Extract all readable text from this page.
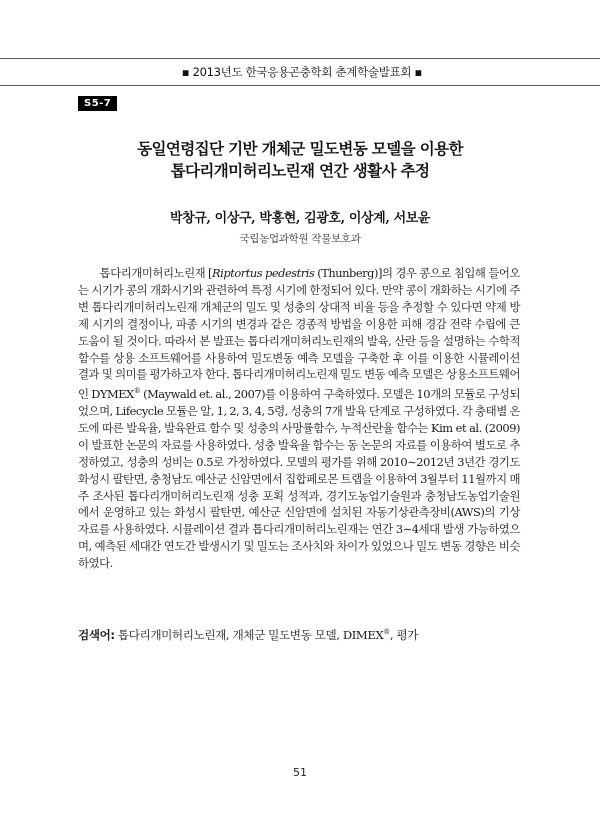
▪ 2013년도 한국응용곤충학회 춘계학술발표회 ▪
S5-7
동일연령집단 기반 개체군 밀도변동 모델을 이용한
톱다리개미허리노린재 연간 생활사 추정
박창규, 이상구, 박홍현, 김광호, 이상계, 서보윤
국립농업과학원 작물보호과

톱다리개미허리노린재 [Riptortus pedestris (Thunberg)]의 경우 콩으로 침입해 들어오는 시기가 콩의 개화시기와 관련하여 특정 시기에 한정되어 있다. 만약 콩이 개화하는 시기에 주변 톱다리개미허리노린재 개체군의 밀도 및 성충의 상대적 비율 등을 추정할 수 있다면 약제 방제 시기의 결정이나, 파종 시기의 변경과 같은 경종적 방법을 이용한 피해 경감 전략 수립에 큰 도움이 될 것이다. 따라서 본 발표는 톱다리개미허리노린재의 발육, 산란 등을 설명하는 수학적 함수를 상용 소프트웨어를 사용하여 밀도변동 예측 모델을 구축한 후 이를 이용한 시뮬레이션 결과 및 의미를 평가하고자 한다. 톱다리개미허리노린재 밀도 변동 예측 모델은 상용소프트웨어인 DYMEX® (Maywald et. al., 2007)를 이용하여 구축하였다. 모델은 10개의 모듈로 구성되었으며, Lifecycle 모듈은 알, 1, 2, 3, 4, 5령, 성충의 7개 발육 단계로 구성하였다. 각 충태별 온도에 따른 발육율, 발육완료 함수 및 성충의 사망률함수, 누적산란율 함수는 Kim et al. (2009)이 발표한 논문의 자료를 사용하였다. 성충 발육율 함수는 동 논문의 자료를 이용하여 별도로 추정하였고, 성충의 성비는 0.5로 가정하였다. 모델의 평가를 위해 2010∼2012년 3년간 경기도 화성시 팔탄면, 충청남도 예산군 신암면에서 집합페로몬 트랩을 이용하여 3월부터 11월까지 매주 조사된 톱다리개미허리노린재 성충 포획 성적과, 경기도농업기술원과 충청남도농업기술원에서 운영하고 있는 화성시 팔탄면, 예산군 신암면에 설치된 자동기상관측장비(AWS)의 기상 자료를 사용하였다. 시뮬레이션 결과 톱다리개미허리노린재는 연간 3∼4세대 발생 가능하였으며, 예측된 세대간 연도간 발생시기 및 밀도는 조사치와 차이가 있었으나 밀도 변동 경향은 비슷하였다.

검색어: 톱다리개미허리노린재, 개체군 밀도변동 모델, DIMEX®, 평가
51
